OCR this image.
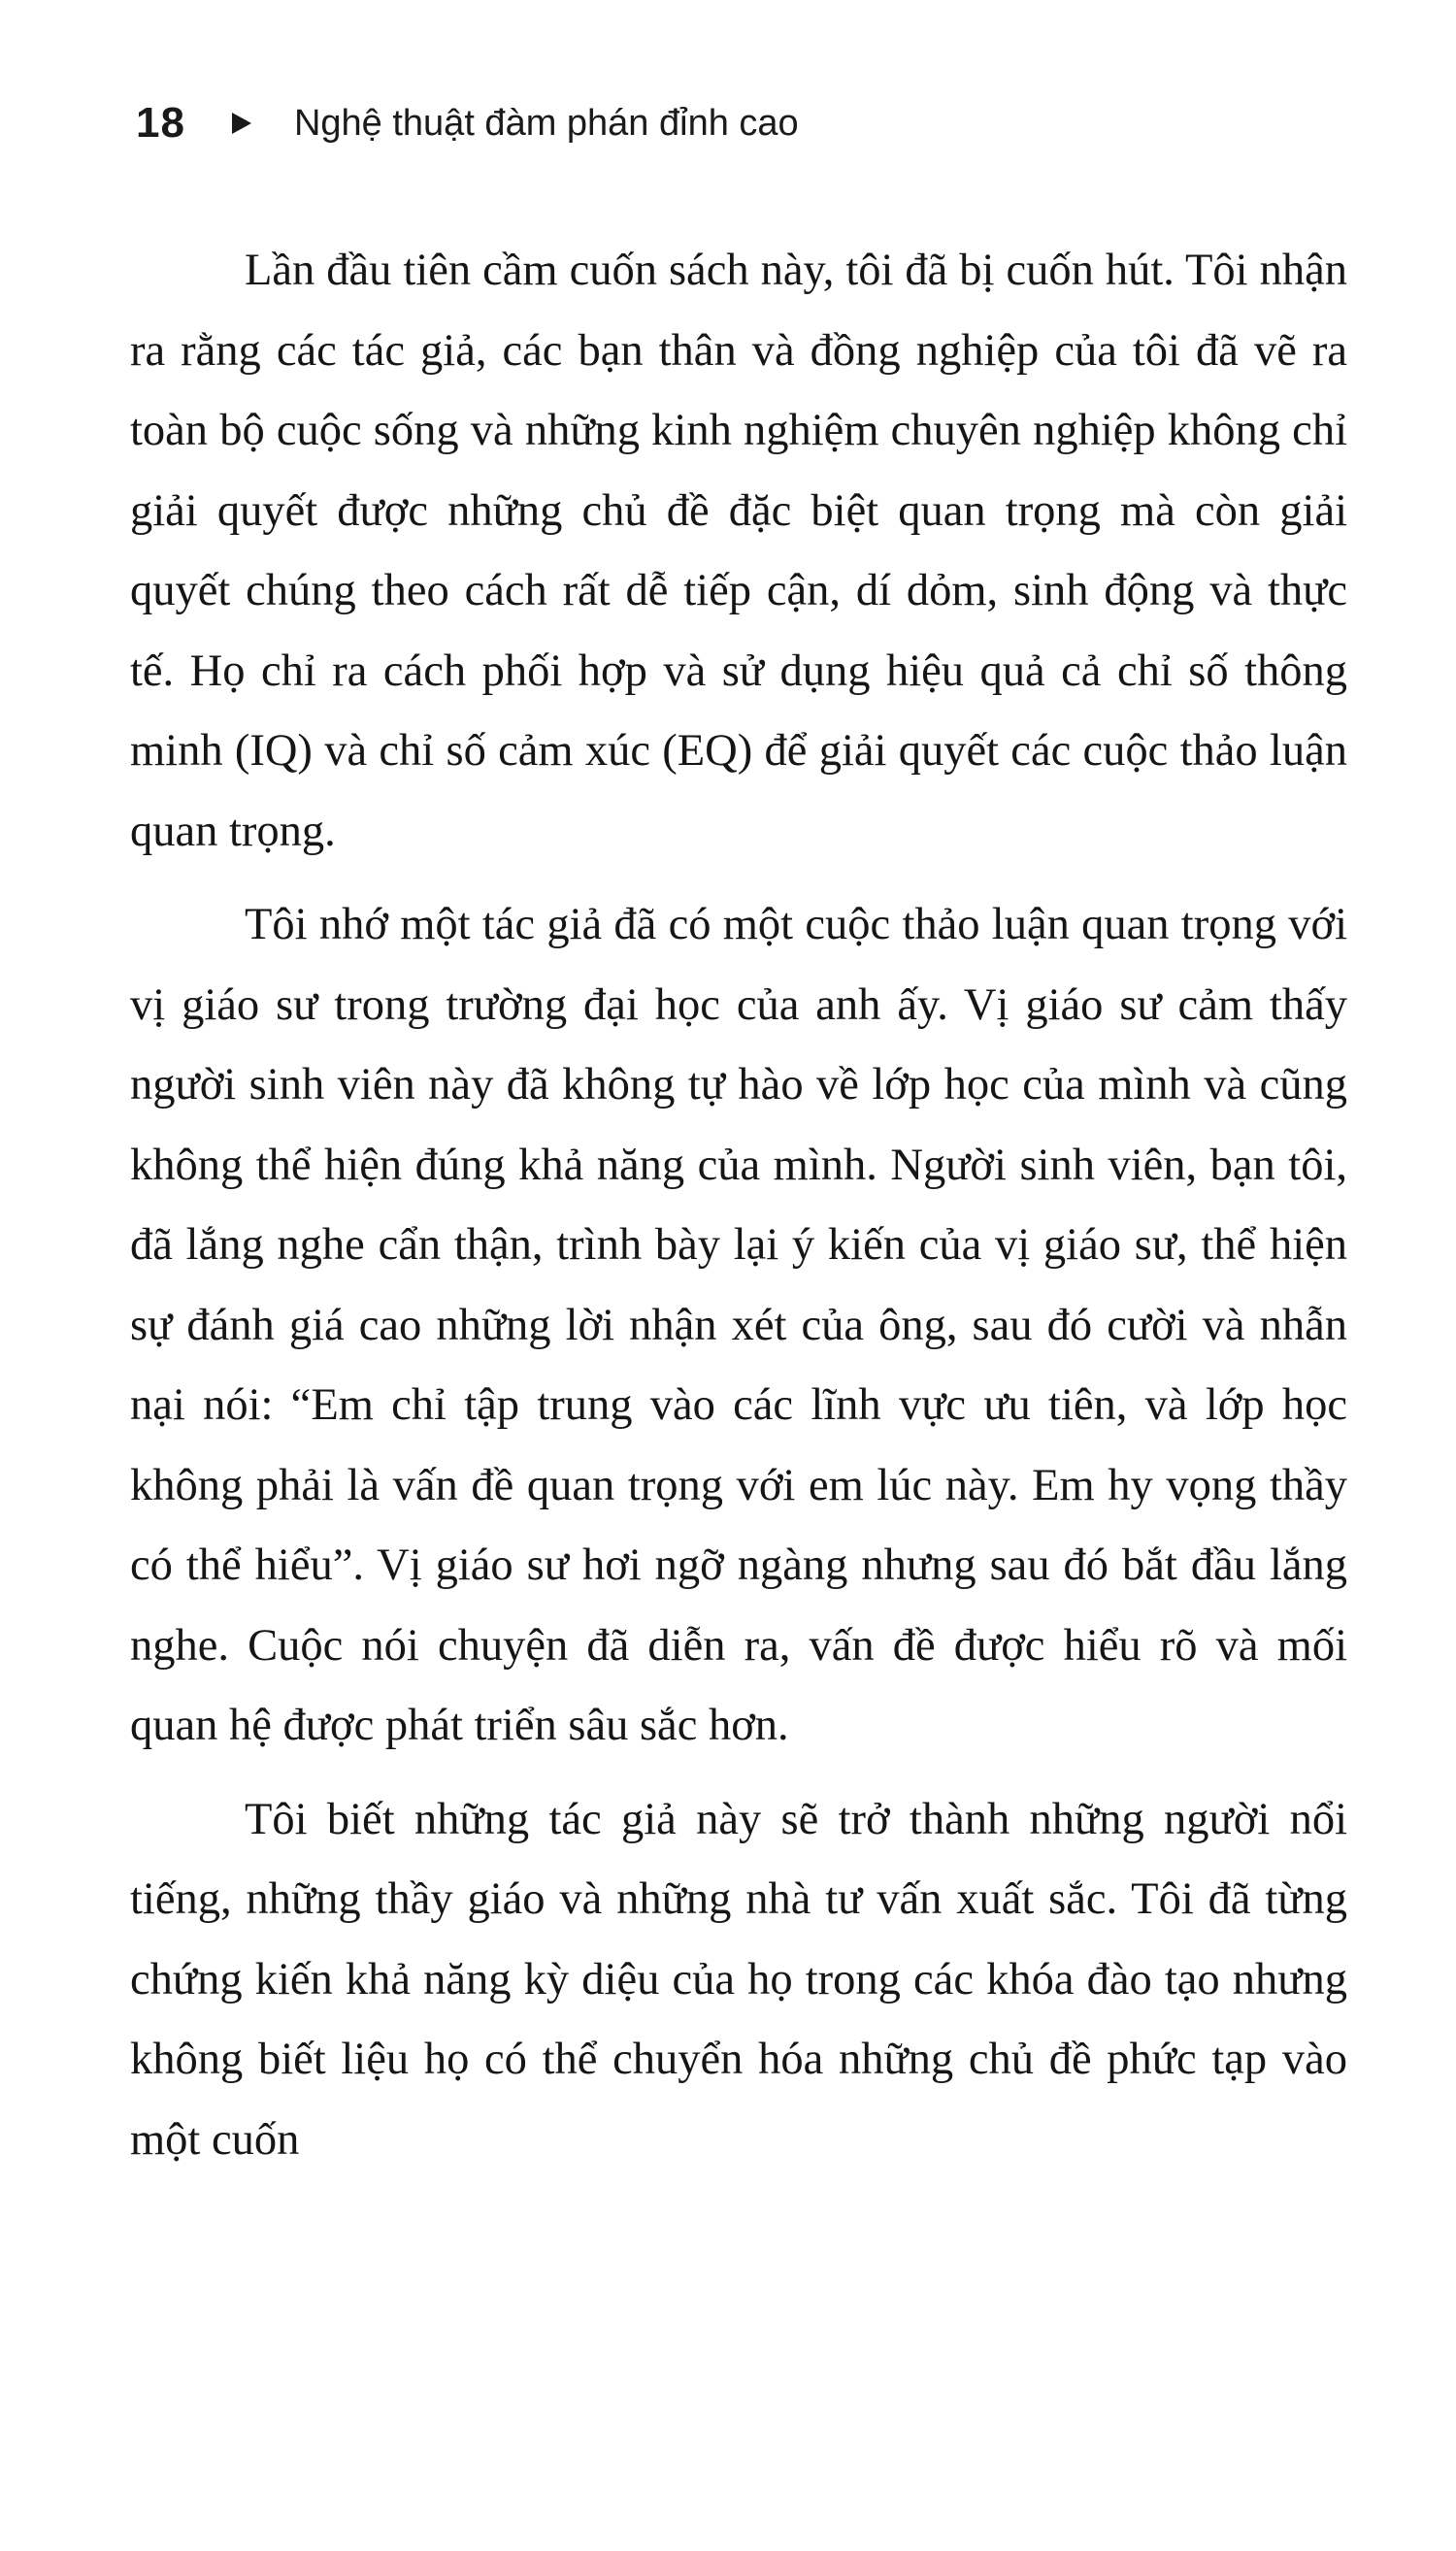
18	Nghệ thuật đàm phán đỉnh cao

Lần đầu tiên cầm cuốn sách này, tôi đã bị cuốn hút. Tôi nhận ra rằng các tác giả, các bạn thân và đồng nghiệp của tôi đã vẽ ra toàn bộ cuộc sống và những kinh nghiệm chuyên nghiệp không chỉ giải quyết được những chủ đề đặc biệt quan trọng mà còn giải quyết chúng theo cách rất dễ tiếp cận, dí dỏm, sinh động và thực tế. Họ chỉ ra cách phối hợp và sử dụng hiệu quả cả chỉ số thông minh (IQ) và chỉ số cảm xúc (EQ) để giải quyết các cuộc thảo luận quan trọng.

Tôi nhớ một tác giả đã có một cuộc thảo luận quan trọng với vị giáo sư trong trường đại học của anh ấy. Vị giáo sư cảm thấy người sinh viên này đã không tự hào về lớp học của mình và cũng không thể hiện đúng khả năng của mình. Người sinh viên, bạn tôi, đã lắng nghe cẩn thận, trình bày lại ý kiến của vị giáo sư, thể hiện sự đánh giá cao những lời nhận xét của ông, sau đó cười và nhẫn nại nói: “Em chỉ tập trung vào các lĩnh vực ưu tiên, và lớp học không phải là vấn đề quan trọng với em lúc này. Em hy vọng thầy có thể hiểu”. Vị giáo sư hơi ngỡ ngàng nhưng sau đó bắt đầu lắng nghe. Cuộc nói chuyện đã diễn ra, vấn đề được hiểu rõ và mối quan hệ được phát triển sâu sắc hơn.

Tôi biết những tác giả này sẽ trở thành những người nổi tiếng, những thầy giáo và những nhà tư vấn xuất sắc. Tôi đã từng chứng kiến khả năng kỳ diệu của họ trong các khóa đào tạo nhưng không biết liệu họ có thể chuyển hóa những chủ đề phức tạp vào một cuốn
